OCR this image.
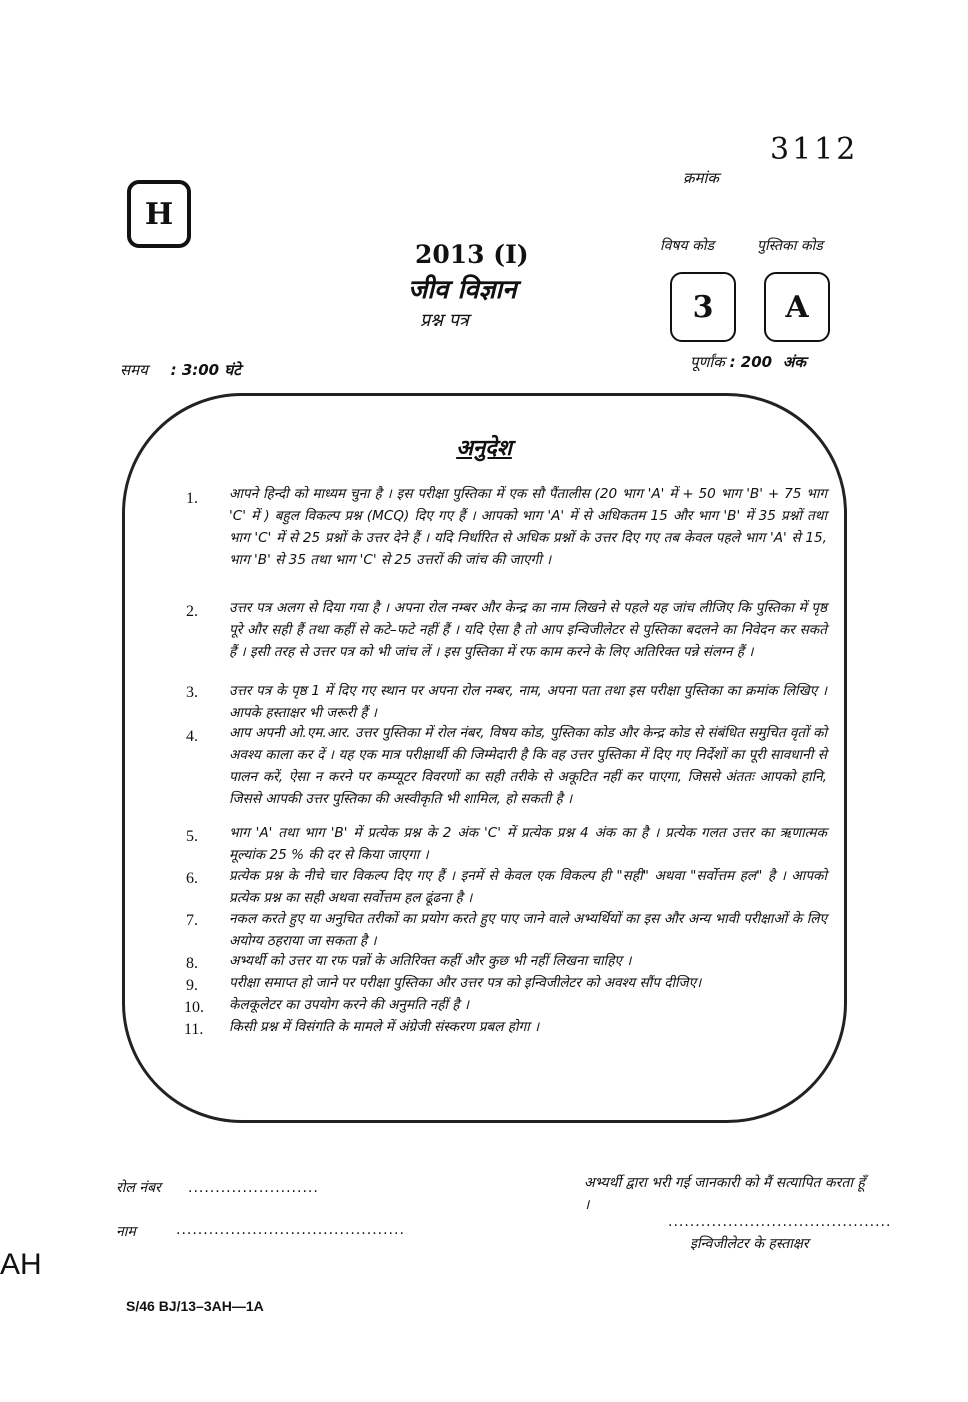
3112
क्रमांक
H
2013 (I)
जीव विज्ञान
प्रश्न पत्र
विषय कोड	पुस्तिका कोड
3	A
समय : 3:00 घंटे	पूर्णांक : 200 अंक
अनुदेश
1. आपने हिन्दी को माध्यम चुना है । इस परीक्षा पुस्तिका में एक सौ पैंतालीस (20 भाग 'A' में + 50 भाग 'B' + 75 भाग 'C' में ) बहुल विकल्प प्रश्न (MCQ) दिए गए हैं । आपको भाग 'A' में से अधिकतम 15 और भाग 'B' में 35 प्रश्नों तथा भाग 'C' में से 25 प्रश्नों के उत्तर देने हैं । यदि निर्धारित से अधिक प्रश्नों के उत्तर दिए गए तब केवल पहले भाग 'A' से 15, भाग 'B' से 35 तथा भाग 'C' से 25 उत्तरों की जांच की जाएगी ।
2. उत्तर पत्र अलग से दिया गया है । अपना रोल नम्बर और केन्द्र का नाम लिखने से पहले यह जांच लीजिए कि पुस्तिका में पृष्ठ पूरे और सही हैं तथा कहीं से कटे–फटे नहीं हैं । यदि ऐसा है तो आप इन्विजीलेटर से पुस्तिका बदलने का निवेदन कर सकते हैं । इसी तरह से उत्तर पत्र को भी जांच लें । इस पुस्तिका में रफ काम करने के लिए अतिरिक्त पन्ने संलग्न हैं ।
3. उत्तर पत्र के पृष्ठ 1 में दिए गए स्थान पर अपना रोल नम्बर, नाम, अपना पता तथा इस परीक्षा पुस्तिका का क्रमांक लिखिए । आपके हस्ताक्षर भी जरूरी हैं ।
4. आप अपनी ओ.एम.आर. उत्तर पुस्तिका में रोल नंबर, विषय कोड, पुस्तिका कोड और केन्द्र कोड से संबंधित समुचित वृतों को अवश्य काला कर दें । यह एक मात्र परीक्षार्थी की जिम्मेदारी है कि वह उत्तर पुस्तिका में दिए गए निर्देशों का पूरी सावधानी से पालन करें, ऐसा न करने पर कम्प्यूटर विवरणों का सही तरीके से अकूटित नहीं कर पाएगा, जिससे अंततः आपको हानि, जिससे आपकी उत्तर पुस्तिका की अस्वीकृति भी शामिल, हो सकती है ।
5. भाग 'A' तथा भाग 'B' में प्रत्येक प्रश्न के 2 अंक 'C' में प्रत्येक प्रश्न 4 अंक का है । प्रत्येक गलत उत्तर का ऋणात्मक मूल्यांक 25 % की दर से किया जाएगा ।
6. प्रत्येक प्रश्न के नीचे चार विकल्प दिए गए हैं । इनमें से केवल एक विकल्प ही "सही" अथवा "सर्वोत्तम हल" है । आपको प्रत्येक प्रश्न का सही अथवा सर्वोत्तम हल ढूंढना है ।
7. नकल करते हुए या अनुचित तरीकों का प्रयोग करते हुए पाए जाने वाले अभ्यर्थियों का इस और अन्य भावी परीक्षाओं के लिए अयोग्य ठहराया जा सकता है ।
8. अभ्यर्थी को उत्तर या रफ पन्नों के अतिरिक्त कहीं और कुछ भी नहीं लिखना चाहिए ।
9. परीक्षा समाप्त हो जाने पर परीक्षा पुस्तिका और उत्तर पत्र को इन्विजीलेटर को अवश्य सौंप दीजिए।
10. केलकूलेटर का उपयोग करने की अनुमति नहीं है ।
11. किसी प्रश्न में विसंगति के मामले में अंग्रेजी संस्करण प्रबल होगा ।
रोल नंबर ........................
नाम	..........................................
अभ्यर्थी द्वारा भरी गई जानकारी को मैं सत्यापित करता हूँ ।
.........................................
इन्विजीलेटर के हस्ताक्षर
AH
S/46 BJ/13–3AH—1A
